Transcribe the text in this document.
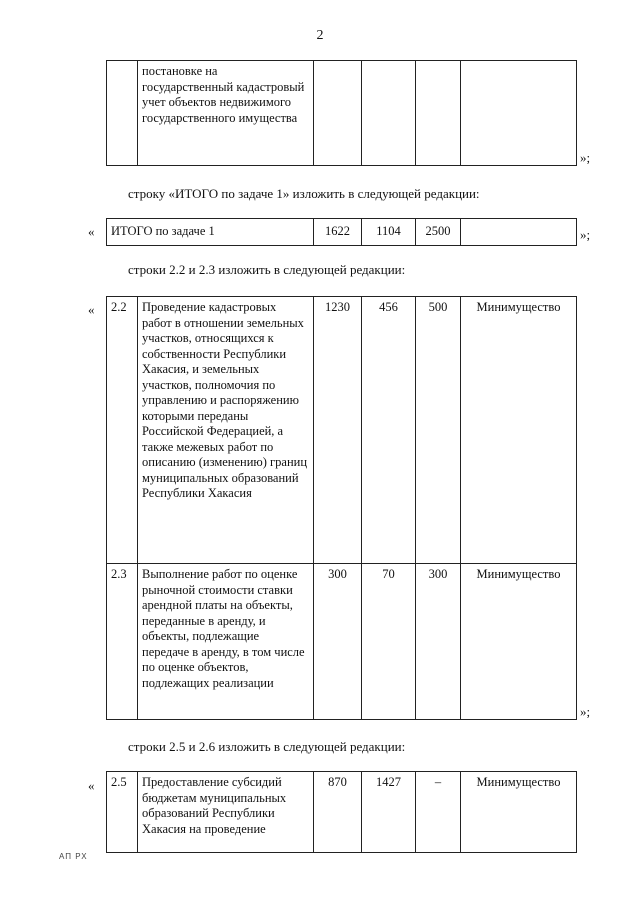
2
	постановке на государственный кадастровый учет объектов недвижимого государственного имущества				
»;
строку «ИТОГО по задаче 1» изложить в следующей редакции:
« ИТОГО по задаче 1	1622	1104	2500		»;
строки 2.2 и 2.3 изложить в следующей редакции:
« 2.2	Проведение кадастровых работ в отношении земельных участков, относящихся к собственности Республики Хакасия, и земельных участков, полномочия по управлению и распоряжению которыми переданы Российской Федерацией, а также межевых работ по описанию (изменению) границ муниципальных образований Республики Хакасия	1230	456	500	Минимущество
2.3	Выполнение работ по оценке рыночной стоимости ставки арендной платы на объекты, переданные в аренду, и объекты, подлежащие передаче в аренду, в том числе по оценке объектов, подлежащих реализации	300	70	300	Минимущество
»;
строки 2.5 и 2.6 изложить в следующей редакции:
« 2.5	Предоставление субсидий бюджетам муниципальных образований Республики Хакасия на проведение	870	1427	–	Минимущество
АП РХ
